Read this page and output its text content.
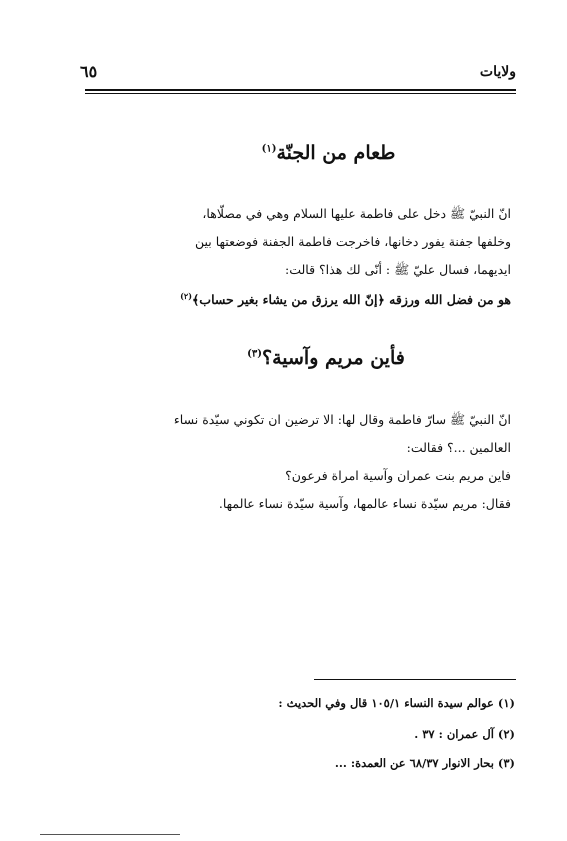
ولايات
٦٥
طعام من الجنّة$^{(١)}$
انّ النبيّ ﷺ دخل على فاطمة عليها السلام وهي في مصلّاها،
وخلفها جفنة يفور دخانها، فاخرجت فاطمة الجفنة فوضعتها بين
ايديهما، فسال عليّ ﷺ : أنّى لك هذا؟ قالت:
هو من فضل الله ورزقه ﴿إنّ الله يرزق من يشاء بغير حساب﴾$^{(٢)}$
فأين مريم وآسية؟$^{(٣)}$
انّ النبيّ ﷺ سارّ فاطمة وقال لها: الا ترضين ان تكوني سيّدة نساء
العالمين ...؟ فقالت:
فاين مريم بنت عمران وآسية امراة فرعون؟
فقال: مريم سيّدة نساء عالمها، وآسية سيّدة نساء عالمها.
(١) عوالم سيدة النساء ١٠٥/١ قال وفي الحديث :
(٢) آل عمران : ٣٧ .
(٣) بحار الانوار ٦٨/٣٧ عن العمدة: ...
